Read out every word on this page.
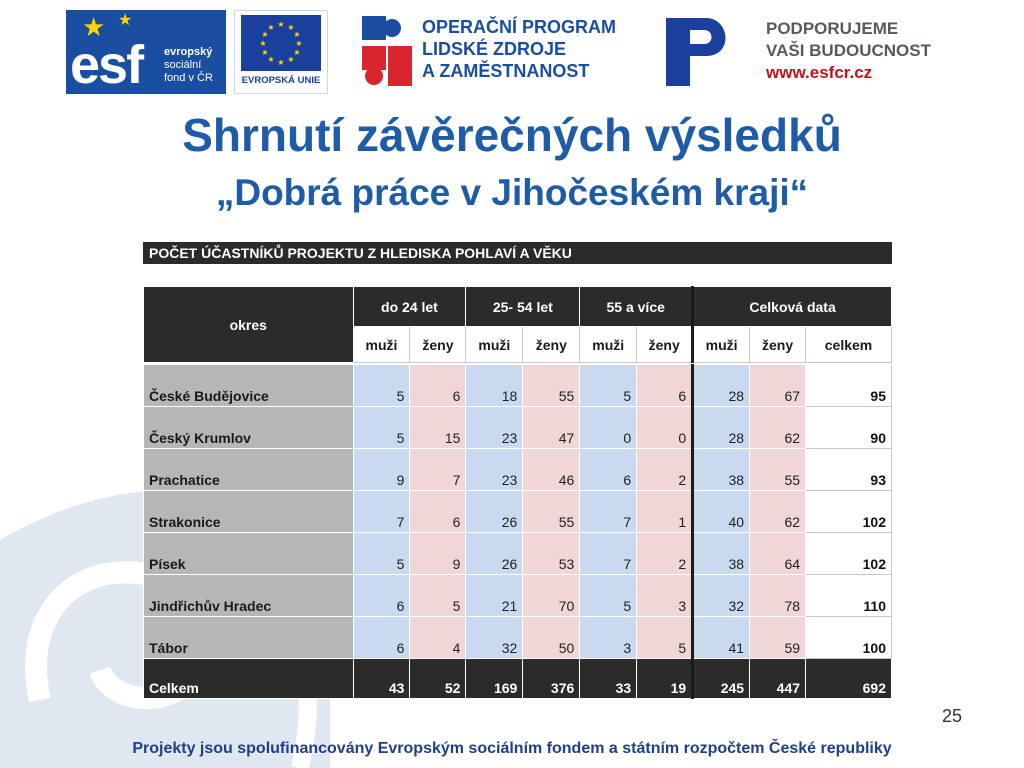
★ ★
esf evropský
sociální
fond v ČR
★ ★
★
★
★
★
★
★
★
★
★
★
EVROPSKÁ UNIE
OPERAČNÍ PROGRAM
LIDSKÉ ZDROJE
A ZAMĚSTNANOST
PODPORUJEME
VAŠI BUDOUCNOST
www.esfcr.cz
Shrnutí závěrečných výsledků
„Dobrá práce v Jihočeském kraji“
POČET ÚČASTNÍKŮ PROJEKTU Z HLEDISKA POHLAVÍ A VĚKU
okres	do 24 let		25- 54 let		55 a více		Celková data		
	muži	ženy	muži	ženy	muži	ženy	muži	ženy	celkem

České Budějovice	5	6	18	55	5	6	28	67	95
Český Krumlov	5	15	23	47	0	0	28	62	90
Prachatice	9	7	23	46	6	2	38	55	93
Strakonice	7	6	26	55	7	1	40	62	102
Písek	5	9	26	53	7	2	38	64	102
Jindřichův Hradec	6	5	21	70	5	3	32	78	110
Tábor	6	4	32	50	3	5	41	59	100
Celkem	43	52	169	376	33	19	245	447	692
25
Projekty jsou spolufinancovány Evropským sociálním fondem a státním rozpočtem České republiky
